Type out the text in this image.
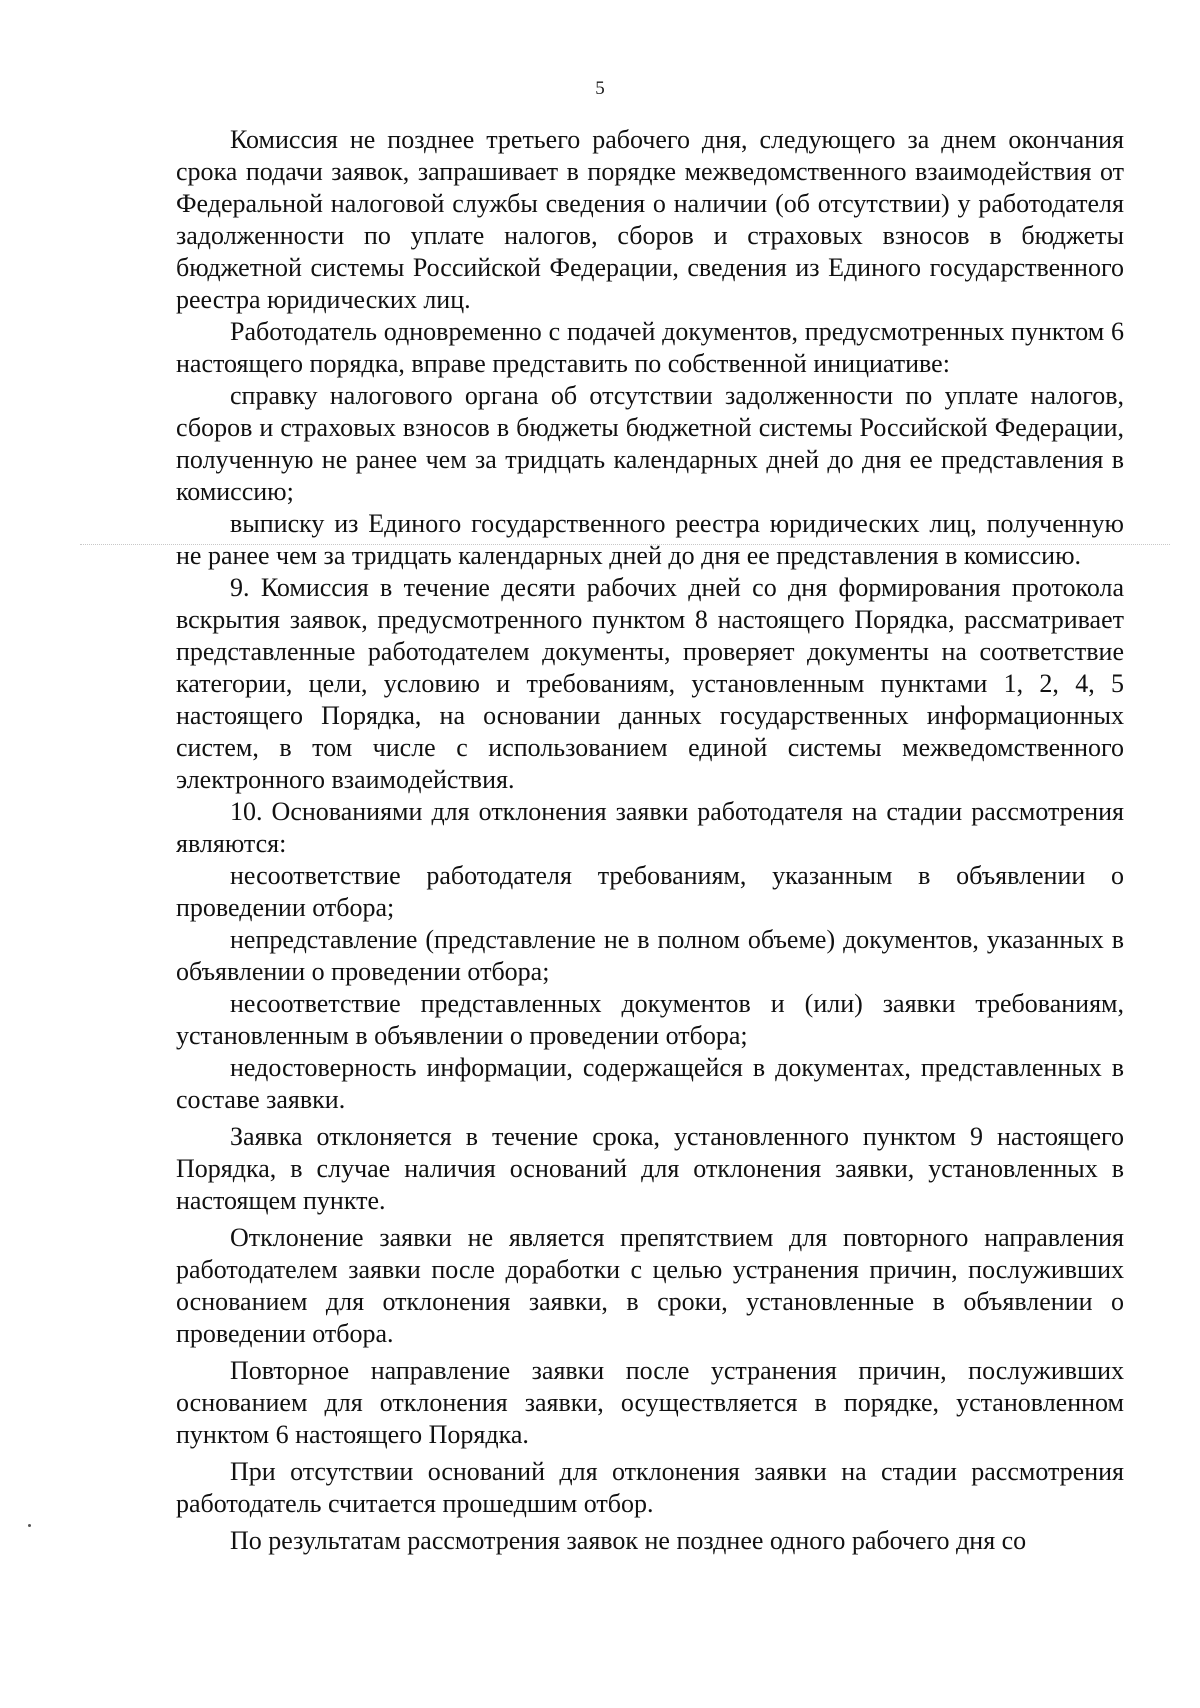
5

Комиссия не позднее третьего рабочего дня, следующего за днем окончания срока подачи заявок, запрашивает в порядке межведомственного взаимодействия от Федеральной налоговой службы сведения о наличии (об отсутствии) у работодателя задолженности по уплате налогов, сборов и страховых взносов в бюджеты бюджетной системы Российской Федерации, сведения из Единого государственного реестра юридических лиц.

Работодатель одновременно с подачей документов, предусмотренных пунктом 6 настоящего порядка, вправе представить по собственной инициативе:

справку налогового органа об отсутствии задолженности по уплате налогов, сборов и страховых взносов в бюджеты бюджетной системы Российской Федерации, полученную не ранее чем за тридцать календарных дней до дня ее представления в комиссию;

выписку из Единого государственного реестра юридических лиц, полученную не ранее чем за тридцать календарных дней до дня ее представления в комиссию.

9. Комиссия в течение десяти рабочих дней со дня формирования протокола вскрытия заявок, предусмотренного пунктом 8 настоящего Порядка, рассматривает представленные работодателем документы, проверяет документы на соответствие категории, цели, условию и требованиям, установленным пунктами 1, 2, 4, 5 настоящего Порядка, на основании данных государственных информационных систем, в том числе с использованием единой системы межведомственного электронного взаимодействия.

10. Основаниями для отклонения заявки работодателя на стадии рассмотрения являются:

несоответствие работодателя требованиям, указанным в объявлении о проведении отбора;

непредставление (представление не в полном объеме) документов, указанных в объявлении о проведении отбора;

несоответствие представленных документов и (или) заявки требованиям, установленным в объявлении о проведении отбора;

недостоверность информации, содержащейся в документах, представленных в составе заявки.

Заявка отклоняется в течение срока, установленного пунктом 9 настоящего Порядка, в случае наличия оснований для отклонения заявки, установленных в настоящем пункте.

Отклонение заявки не является препятствием для повторного направления работодателем заявки после доработки с целью устранения причин, послуживших основанием для отклонения заявки, в сроки, установленные в объявлении о проведении отбора.

Повторное направление заявки после устранения причин, послуживших основанием для отклонения заявки, осуществляется в порядке, установленном пунктом 6 настоящего Порядка.

При отсутствии оснований для отклонения заявки на стадии рассмотрения работодатель считается прошедшим отбор.

По результатам рассмотрения заявок не позднее одного рабочего дня со
